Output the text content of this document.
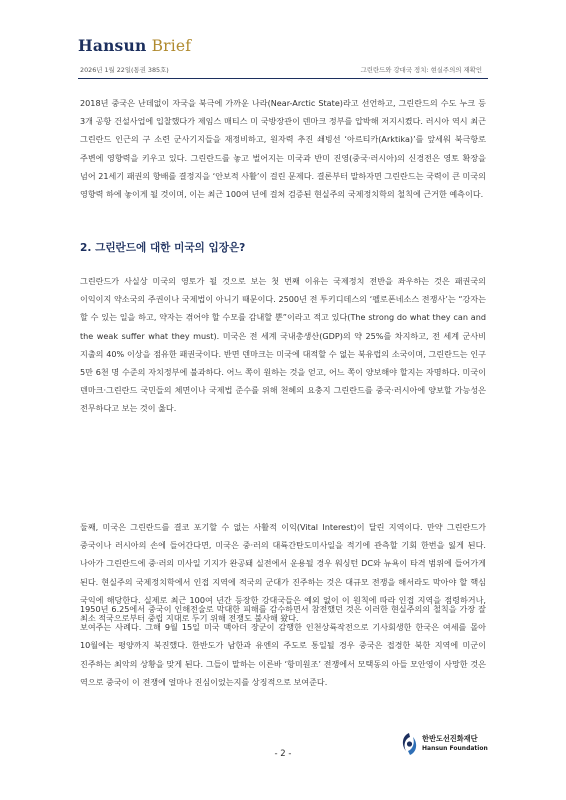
Hansun Brief
2026년 1월 22일(통권 385호)	그린란드와 강대국 정치: 현실주의의 재확인
2018년 중국은 난데없이 자국을 북극에 가까운 나라(Near-Arctic State)라고 선언하고, 그린란드의 수도 누크 등 3개 공항 건설사업에 입찰했다가 제임스 매티스 미 국방장관이 덴마크 정부를 압박해 저지시켰다. 러시아 역시 최근 그린란드 인근의 구 소련 군사기지들을 재정비하고, 원자력 추진 쇄빙선 ‘아르티카(Arktika)’를 앞세워 북극항로 주변에 영향력을 키우고 있다. 그린란드를 놓고 벌어지는 미국과 반미 진영(중국·러시아)의 신경전은 영토 확장을 넘어 21세기 패권의 향배를 결정지을 ‘안보적 사활’이 걸린 문제다. 결론부터 말하자면 그린란드는 국력이 큰 미국의 영향력 하에 놓이게 될 것이며, 이는 최근 100여 년에 걸쳐 검증된 현실주의 국제정치학의 철칙에 근거한 예측이다.
2. 그린란드에 대한 미국의 입장은?
그린란드가 사실상 미국의 영토가 될 것으로 보는 첫 번째 이유는 국제정치 전반을 좌우하는 것은 패권국의 이익이지 약소국의 주권이나 국제법이 아니기 때문이다. 2500년 전 투키디데스의 ‘펠로폰네소스 전쟁사’는 “강자는 할 수 있는 일을 하고, 약자는 겪어야 할 수모를 감내할 뿐”이라고 적고 있다(The strong do what they can and the weak suffer what they must). 미국은 전 세계 국내총생산(GDP)의 약 25%를 차지하고, 전 세계 군사비 지출의 40% 이상을 점유한 패권국이다. 반면 덴마크는 미국에 대적할 수 없는 북유럽의 소국이며, 그린란드는 인구 5만 6천 명 수준의 자치정부에 불과하다. 어느 쪽이 원하는 것을 얻고, 어느 쪽이 양보해야 할지는 자명하다. 미국이 덴마크·그린란드 국민들의 체면이나 국제법 준수를 위해 천혜의 요충지 그린란드를 중국·러시아에 양보할 가능성은 전무하다고 보는 것이 옳다.
둘째, 미국은 그린란드를 결코 포기할 수 없는 사활적 이익(Vital Interest)이 달린 지역이다. 만약 그린란드가 중국이나 러시아의 손에 들어간다면, 미국은 중·러의 대륙간탄도미사일을 적기에 관측할 기회 한번을 잃게 된다. 나아가 그린란드에 중·러의 미사일 기지가 완공돼 실전에서 운용될 경우 워싱턴 DC와 뉴욕이 타격 범위에 들어가게 된다. 현실주의 국제정치학에서 인접 지역에 적국의 군대가 진주하는 것은 대규모 전쟁을 해서라도 막아야 할 핵심 국익에 해당한다. 실제로 최근 100여 년간 등장한 강대국들은 예외 없이 이 원칙에 따라 인접 지역을 점령하거나, 최소 적국으로부터 중립 지대로 두기 위해 전쟁도 불사해 왔다.
1950년 6.25에서 중국이 인해전술로 막대한 피해를 감수하면서 참전했던 것은 이러한 현실주의의 철칙을 가장 잘 보여주는 사례다. 그해 9월 15일 미국 맥아더 장군이 감행한 인천상륙작전으로 기사회생한 한국은 여세를 몰아 10월에는 평양까지 북진했다. 한반도가 남한과 유엔의 주도로 통일될 경우 중국은 접경한 북한 지역에 미군이 진주하는 최악의 상황을 맞게 된다. 그들이 말하는 이른바 ‘항미원조’ 전쟁에서 모택동의 아들 모안영이 사망한 것은 역으로 중국이 이 전쟁에 얼마나 진심이었는지를 상징적으로 보여준다.
- 2 -
한반도선진화재단
Hansun Foundation
